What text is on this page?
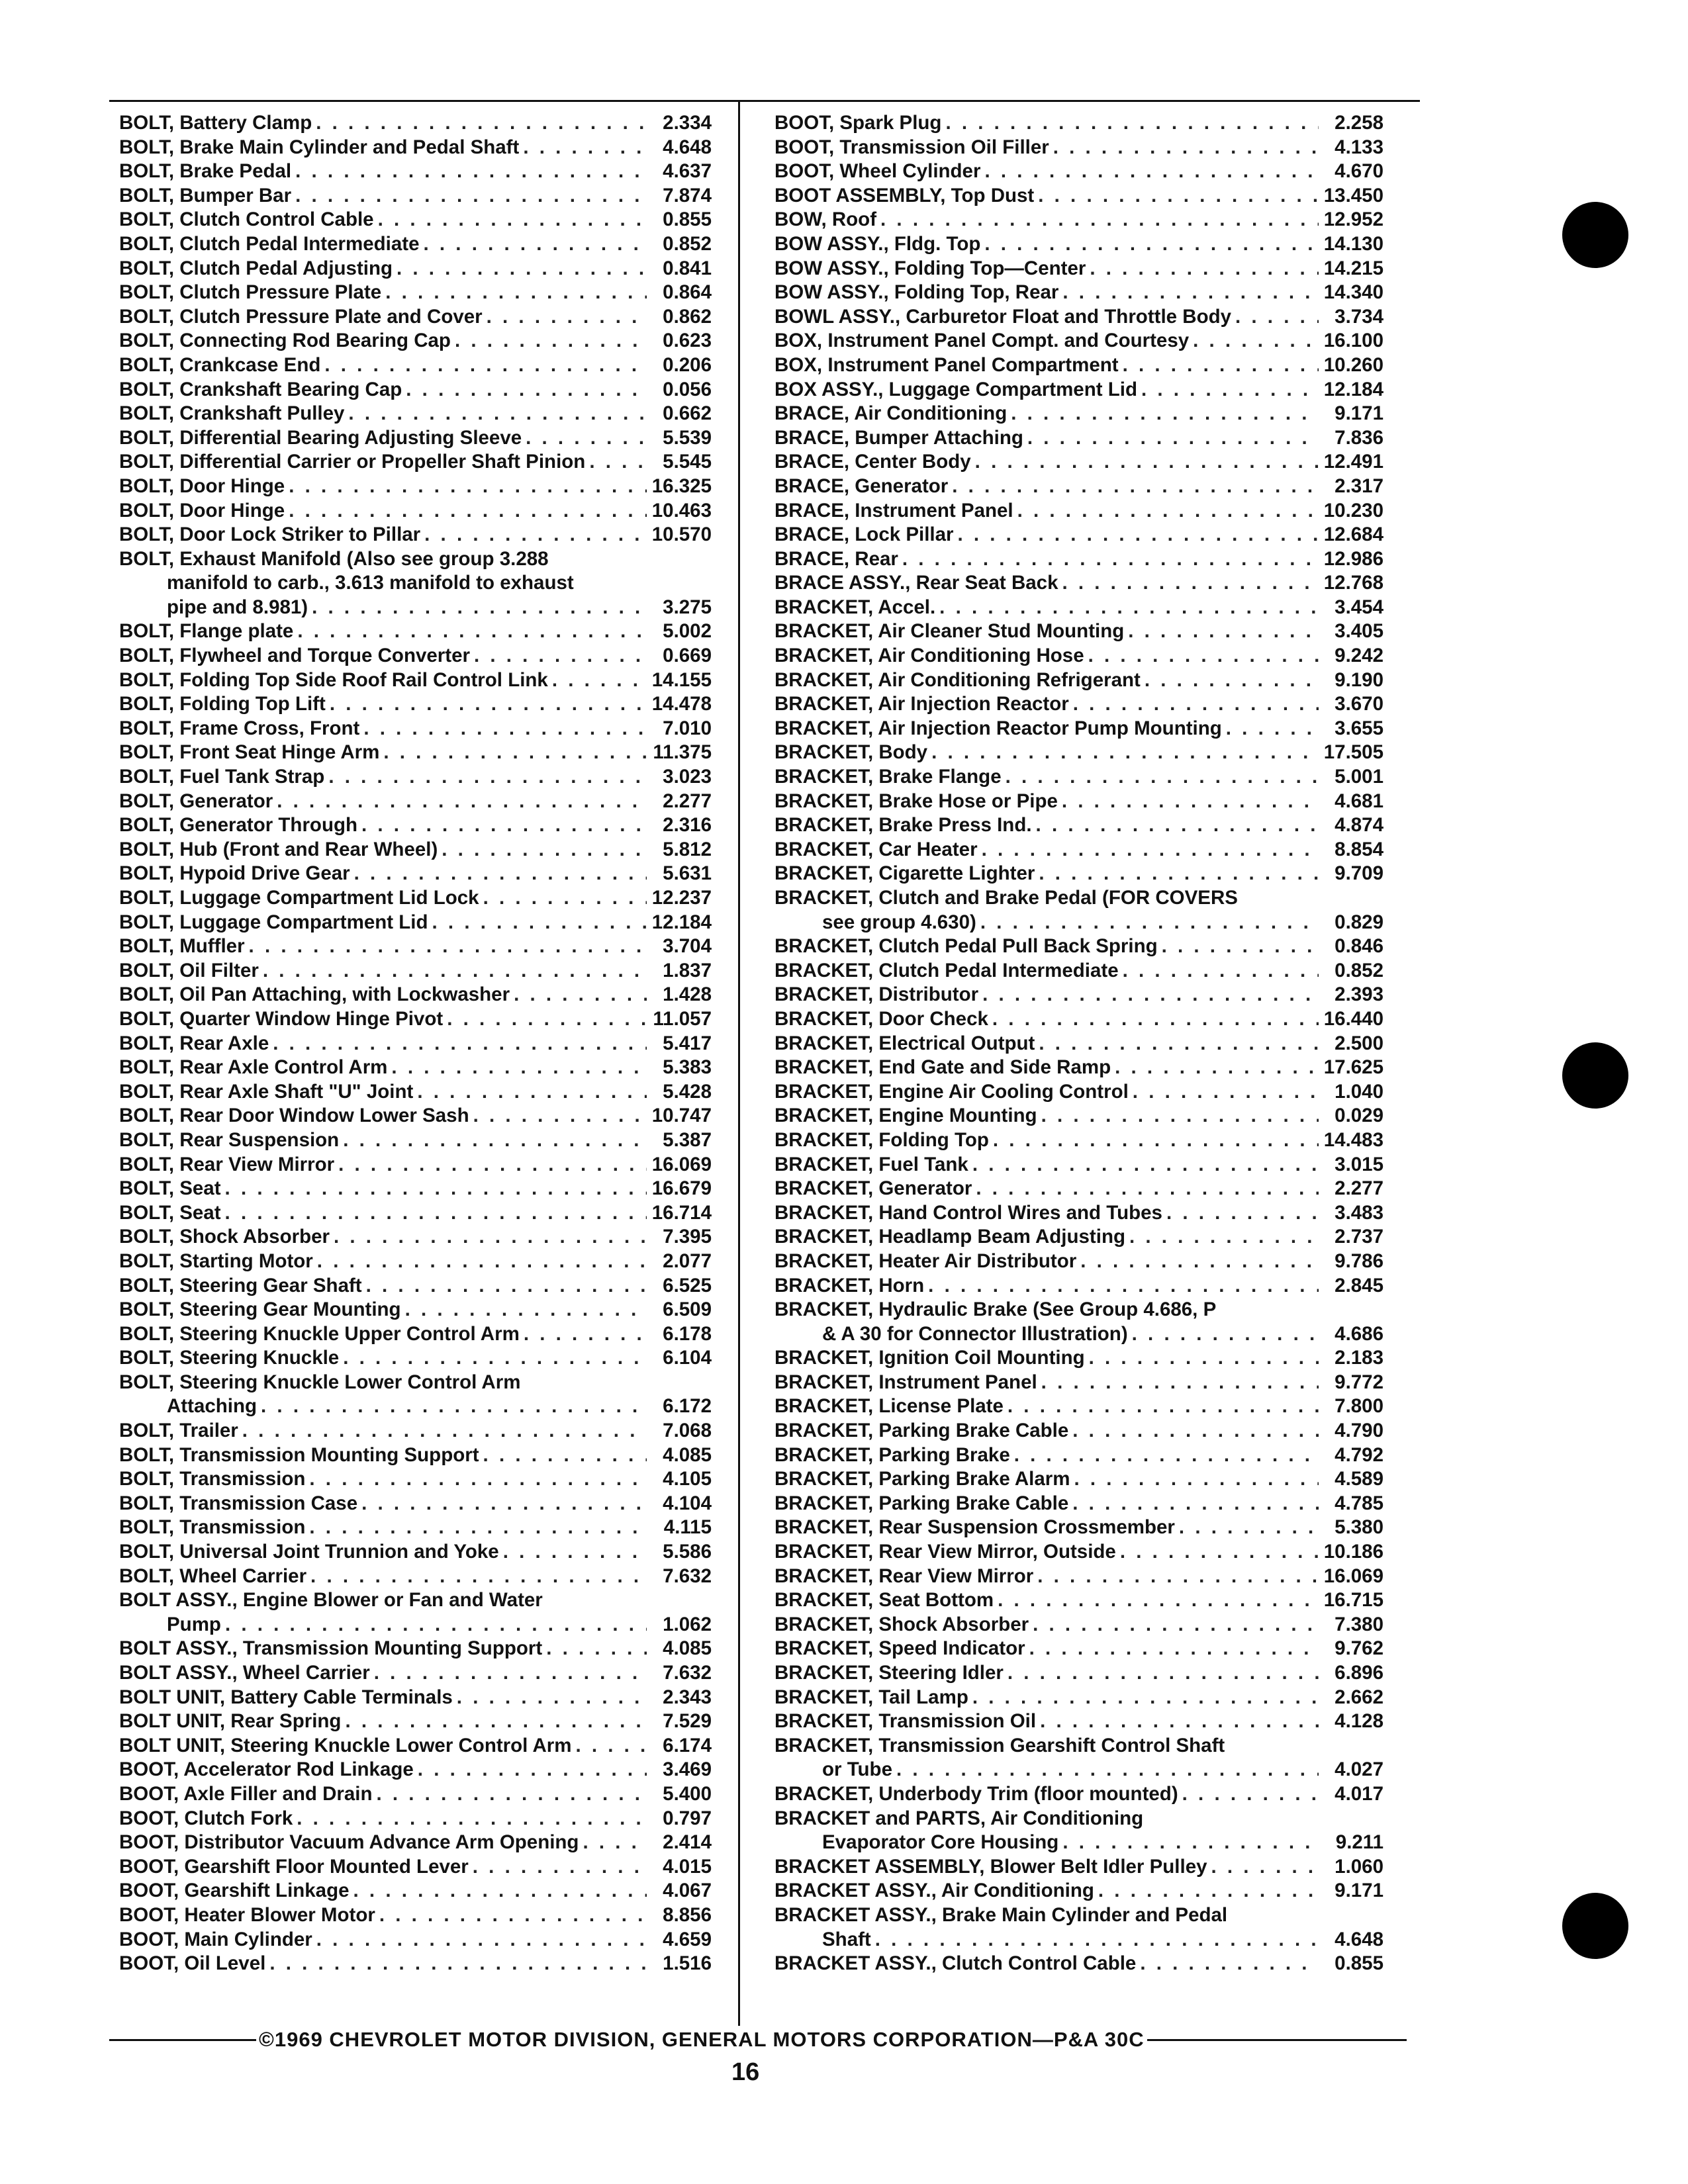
BOLT, Battery Clamp . . .	2.334
BOLT, Brake Main Cylinder and Pedal Shaft . . .	4.648
BOLT, Brake Pedal . . .	4.637
BOLT, Bumper Bar . . .	7.874
BOLT, Clutch Control Cable . . .	0.855
BOLT, Clutch Pedal Intermediate . . .	0.852
BOLT, Clutch Pedal Adjusting . . .	0.841
BOLT, Clutch Pressure Plate . . .	0.864
BOLT, Clutch Pressure Plate and Cover . . .	0.862
BOLT, Connecting Rod Bearing Cap . . .	0.623
BOLT, Crankcase End . . .	0.206
BOLT, Crankshaft Bearing Cap . . .	0.056
BOLT, Crankshaft Pulley . . .	0.662
BOLT, Differential Bearing Adjusting Sleeve . . .	5.539
BOLT, Differential Carrier or Propeller Shaft Pinion . . .	5.545
BOLT, Door Hinge . . .	16.325
BOLT, Door Hinge . . .	10.463
BOLT, Door Lock Striker to Pillar . . .	10.570
BOLT, Exhaust Manifold (Also see group 3.288
manifold to carb., 3.613 manifold to exhaust
pipe and 8.981) . . .	3.275
BOLT, Flange plate . . .	5.002
BOLT, Flywheel and Torque Converter . . .	0.669
BOLT, Folding Top Side Roof Rail Control Link . . .	14.155
BOLT, Folding Top Lift . . .	14.478
BOLT, Frame Cross, Front . . .	7.010
BOLT, Front Seat Hinge Arm . . .	11.375
BOLT, Fuel Tank Strap . . .	3.023
BOLT, Generator . . .	2.277
BOLT, Generator Through . . .	2.316
BOLT, Hub (Front and Rear Wheel) . . .	5.812
BOLT, Hypoid Drive Gear . . .	5.631
BOLT, Luggage Compartment Lid Lock . . .	12.237
BOLT, Luggage Compartment Lid . . .	12.184
BOLT, Muffler . . .	3.704
BOLT, Oil Filter . . .	1.837
BOLT, Oil Pan Attaching, with Lockwasher . . .	1.428
BOLT, Quarter Window Hinge Pivot . . .	11.057
BOLT, Rear Axle . . .	5.417
BOLT, Rear Axle Control Arm . . .	5.383
BOLT, Rear Axle Shaft "U" Joint . . .	5.428
BOLT, Rear Door Window Lower Sash . . .	10.747
BOLT, Rear Suspension . . .	5.387
BOLT, Rear View Mirror . . .	16.069
BOLT, Seat . . .	16.679
BOLT, Seat . . .	16.714
BOLT, Shock Absorber . . .	7.395
BOLT, Starting Motor . . .	2.077
BOLT, Steering Gear Shaft . . .	6.525
BOLT, Steering Gear Mounting . . .	6.509
BOLT, Steering Knuckle Upper Control Arm . . .	6.178
BOLT, Steering Knuckle . . .	6.104
BOLT, Steering Knuckle Lower Control Arm
Attaching . . .	6.172
BOLT, Trailer . . .	7.068
BOLT, Transmission Mounting Support . . .	4.085
BOLT, Transmission . . .	4.105
BOLT, Transmission Case . . .	4.104
BOLT, Transmission . . .	4.115
BOLT, Universal Joint Trunnion and Yoke . . .	5.586
BOLT, Wheel Carrier . . .	7.632
BOLT ASSY., Engine Blower or Fan and Water
Pump . . .	1.062
BOLT ASSY., Transmission Mounting Support . . .	4.085
BOLT ASSY., Wheel Carrier . . .	7.632
BOLT UNIT, Battery Cable Terminals . . .	2.343
BOLT UNIT, Rear Spring . . .	7.529
BOLT UNIT, Steering Knuckle Lower Control Arm . . .	6.174
BOOT, Accelerator Rod Linkage . . .	3.469
BOOT, Axle Filler and Drain . . .	5.400
BOOT, Clutch Fork . . .	0.797
BOOT, Distributor Vacuum Advance Arm Opening . . .	2.414
BOOT, Gearshift Floor Mounted Lever . . .	4.015
BOOT, Gearshift Linkage . . .	4.067
BOOT, Heater Blower Motor . . .	8.856
BOOT, Main Cylinder . . .	4.659
BOOT, Oil Level . . .	1.516
BOOT, Spark Plug . . .	2.258
BOOT, Transmission Oil Filler . . .	4.133
BOOT, Wheel Cylinder . . .	4.670
BOOT ASSEMBLY, Top Dust . . .	13.450
BOW, Roof . . .	12.952
BOW ASSY., Fldg. Top . . .	14.130
BOW ASSY., Folding Top—Center . . .	14.215
BOW ASSY., Folding Top, Rear . . .	14.340
BOWL ASSY., Carburetor Float and Throttle Body . . .	3.734
BOX, Instrument Panel Compt. and Courtesy . . .	16.100
BOX, Instrument Panel Compartment . . .	10.260
BOX ASSY., Luggage Compartment Lid . . .	12.184
BRACE, Air Conditioning . . .	9.171
BRACE, Bumper Attaching . . .	7.836
BRACE, Center Body . . .	12.491
BRACE, Generator . . .	2.317
BRACE, Instrument Panel . . .	10.230
BRACE, Lock Pillar . . .	12.684
BRACE, Rear . . .	12.986
BRACE ASSY., Rear Seat Back . . .	12.768
BRACKET, Accel. . . .	3.454
BRACKET, Air Cleaner Stud Mounting . . .	3.405
BRACKET, Air Conditioning Hose . . .	9.242
BRACKET, Air Conditioning Refrigerant . . .	9.190
BRACKET, Air Injection Reactor . . .	3.670
BRACKET, Air Injection Reactor Pump Mounting . . .	3.655
BRACKET, Body . . .	17.505
BRACKET, Brake Flange . . .	5.001
BRACKET, Brake Hose or Pipe . . .	4.681
BRACKET, Brake Press Ind. . . .	4.874
BRACKET, Car Heater . . .	8.854
BRACKET, Cigarette Lighter . . .	9.709
BRACKET, Clutch and Brake Pedal (FOR COVERS
see group 4.630) . . .	0.829
BRACKET, Clutch Pedal Pull Back Spring . . .	0.846
BRACKET, Clutch Pedal Intermediate . . .	0.852
BRACKET, Distributor . . .	2.393
BRACKET, Door Check . . .	16.440
BRACKET, Electrical Output . . .	2.500
BRACKET, End Gate and Side Ramp . . .	17.625
BRACKET, Engine Air Cooling Control . . .	1.040
BRACKET, Engine Mounting . . .	0.029
BRACKET, Folding Top . . .	14.483
BRACKET, Fuel Tank . . .	3.015
BRACKET, Generator . . .	2.277
BRACKET, Hand Control Wires and Tubes . . .	3.483
BRACKET, Headlamp Beam Adjusting . . .	2.737
BRACKET, Heater Air Distributor . . .	9.786
BRACKET, Horn . . .	2.845
BRACKET, Hydraulic Brake (See Group 4.686, P
& A 30 for Connector Illustration) . . .	4.686
BRACKET, Ignition Coil Mounting . . .	2.183
BRACKET, Instrument Panel . . .	9.772
BRACKET, License Plate . . .	7.800
BRACKET, Parking Brake Cable . . .	4.790
BRACKET, Parking Brake . . .	4.792
BRACKET, Parking Brake Alarm . . .	4.589
BRACKET, Parking Brake Cable . . .	4.785
BRACKET, Rear Suspension Crossmember . . .	5.380
BRACKET, Rear View Mirror, Outside . . .	10.186
BRACKET, Rear View Mirror . . .	16.069
BRACKET, Seat Bottom . . .	16.715
BRACKET, Shock Absorber . . .	7.380
BRACKET, Speed Indicator . . .	9.762
BRACKET, Steering Idler . . .	6.896
BRACKET, Tail Lamp . . .	2.662
BRACKET, Transmission Oil . . .	4.128
BRACKET, Transmission Gearshift Control Shaft
or Tube . . .	4.027
BRACKET, Underbody Trim (floor mounted) . . .	4.017
BRACKET and PARTS, Air Conditioning
Evaporator Core Housing . . .	9.211
BRACKET ASSEMBLY, Blower Belt Idler Pulley . . .	1.060
BRACKET ASSY., Air Conditioning . . .	9.171
BRACKET ASSY., Brake Main Cylinder and Pedal
Shaft . . .	4.648
BRACKET ASSY., Clutch Control Cable . . .	0.855
©1969 CHEVROLET MOTOR DIVISION, GENERAL MOTORS CORPORATION—P&A 30C
16
